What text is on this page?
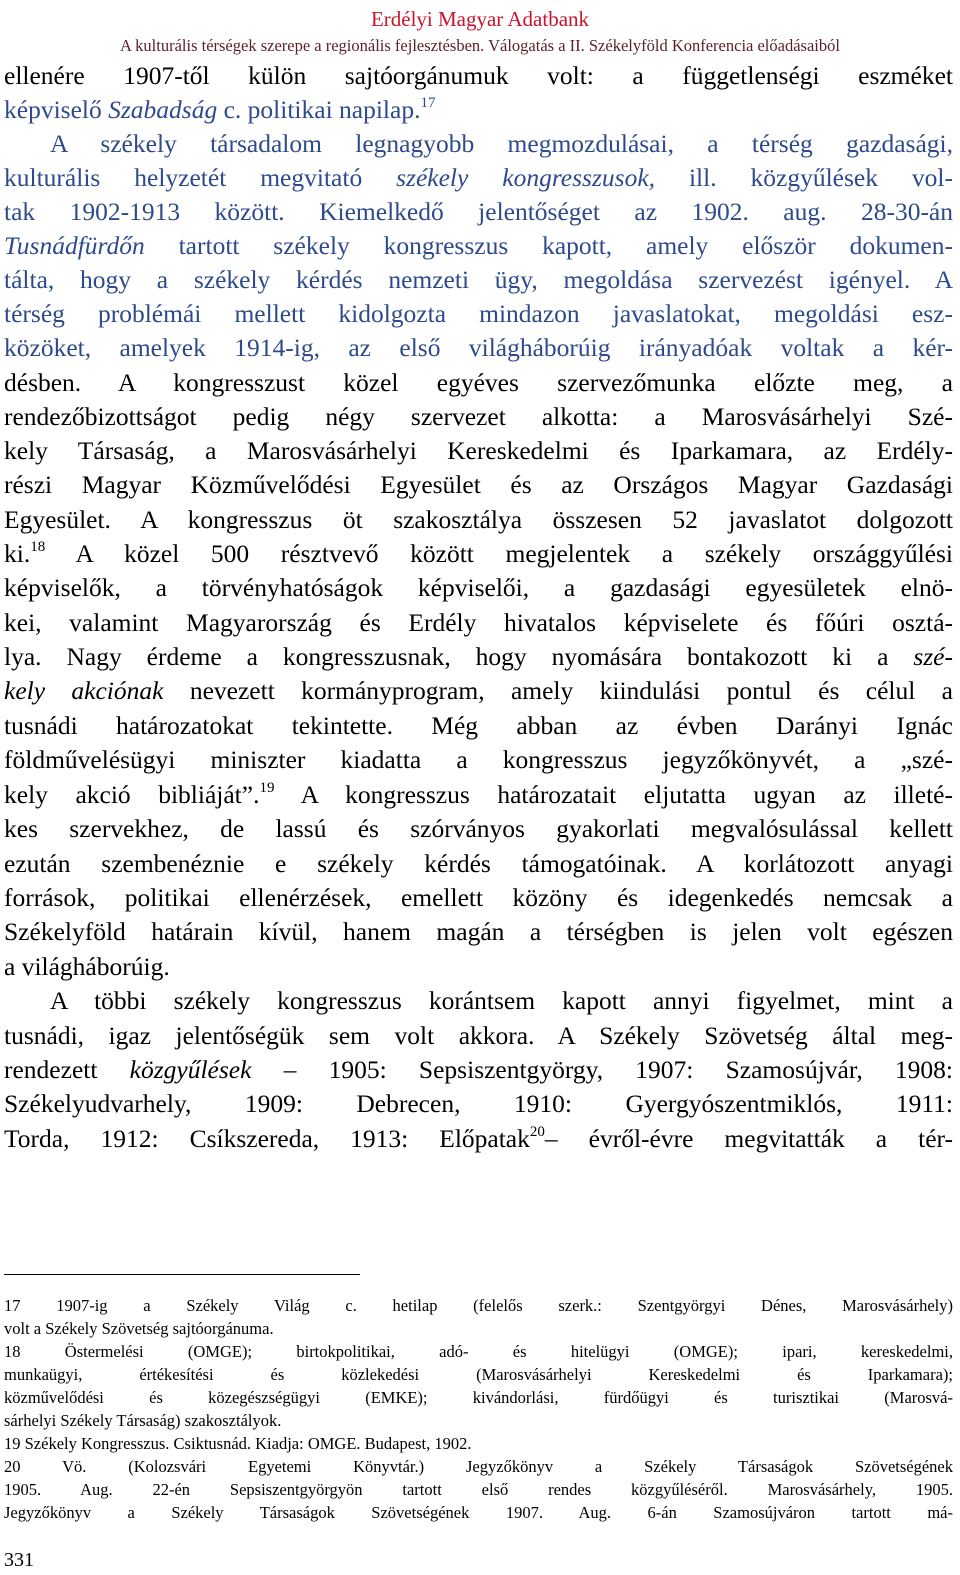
Erdélyi Magyar Adatbank
A kulturális térségek szerepe a regionális fejlesztésben. Válogatás a II. Székelyföld Konferencia előadásaiból
ellenére 1907-től külön sajtóorgánumuk volt: a függetlenségi eszméket
képviselő Szabadság c. politikai napilap.$^{17}$
A székely társadalom legnagyobb megmozdulásai, a térség gazdasági,
kulturális helyzetét megvitató székely kongresszusok, ill. közgyűlések vol-
tak 1902-1913 között. Kiemelkedő jelentőséget az 1902. aug. 28-30-án
Tusnádfürdőn tartott székely kongresszus kapott, amely először dokumen-
tálta, hogy a székely kérdés nemzeti ügy, megoldása szervezést igényel. A
térség problémái mellett kidolgozta mindazon javaslatokat, megoldási esz-
közöket, amelyek 1914-ig, az első világháborúig irányadóak voltak a kér-
désben. A kongresszust közel egyéves szervezőmunka előzte meg, a
rendezőbizottságot pedig négy szervezet alkotta: a Marosvásárhelyi Szé-
kely Társaság, a Marosvásárhelyi Kereskedelmi és Iparkamara, az Erdély-
részi Magyar Közművelődési Egyesület és az Országos Magyar Gazdasági
Egyesület. A kongresszus öt szakosztálya összesen 52 javaslatot dolgozott
ki.$^{18}$ A közel 500 résztvevő között megjelentek a székely országgyűlési
képviselők, a törvényhatóságok képviselői, a gazdasági egyesületek elnö-
kei, valamint Magyarország és Erdély hivatalos képviselete és főúri osztá-
lya. Nagy érdeme a kongresszusnak, hogy nyomására bontakozott ki a szé-
kely akciónak nevezett kormányprogram, amely kiindulási pontul és célul a
tusnádi határozatokat tekintette. Még abban az évben Darányi Ignác
földművelésügyi miniszter kiadatta a kongresszus jegyzőkönyvét, a „szé-
kely akció bibliáját”.$^{19}$ A kongresszus határozatait eljutatta ugyan az illeté-
kes szervekhez, de lassú és szórványos gyakorlati megvalósulással kellett
ezután szembenéznie e székely kérdés támogatóinak. A korlátozott anyagi
források, politikai ellenérzések, emellett közöny és idegenkedés nemcsak a
Székelyföld határain kívül, hanem magán a térségben is jelen volt egészen
a világháborúig.
A többi székely kongresszus korántsem kapott annyi figyelmet, mint a
tusnádi, igaz jelentőségük sem volt akkora. A Székely Szövetség által meg-
rendezett közgyűlések – 1905: Sepsiszentgyörgy, 1907: Szamosújvár, 1908:
Székelyudvarhely, 1909: Debrecen, 1910: Gyergyószentmiklós, 1911:
Torda, 1912: Csíkszereda, 1913: Előpatak$^{20}$– évről-évre megvitatták a tér-
17 1907-ig a Székely Világ c. hetilap (felelős szerk.: Szentgyörgyi Dénes, Marosvásárhely)
volt a Székely Szövetség sajtóorgánuma.
18 Östermelési (OMGE); birtokpolitikai, adó- és hitelügyi (OMGE); ipari, kereskedelmi,
munkaügyi, értékesítési és közlekedési (Marosvásárhelyi Kereskedelmi és Iparkamara);
közművelődési és közegészségügyi (EMKE); kivándorlási, fürdőügyi és turisztikai (Marosvá-
sárhelyi Székely Társaság) szakosztályok.
19 Székely Kongresszus. Csiktusnád. Kiadja: OMGE. Budapest, 1902.
20 Vö. (Kolozsvári Egyetemi Könyvtár.) Jegyzőkönyv a Székely Társaságok Szövetségének
1905. Aug. 22-én Sepsiszentgyörgyön tartott első rendes közgyűléséről. Marosvásárhely, 1905.
Jegyzőkönyv a Székely Társaságok Szövetségének 1907. Aug. 6-án Szamosújváron tartott má-
331
